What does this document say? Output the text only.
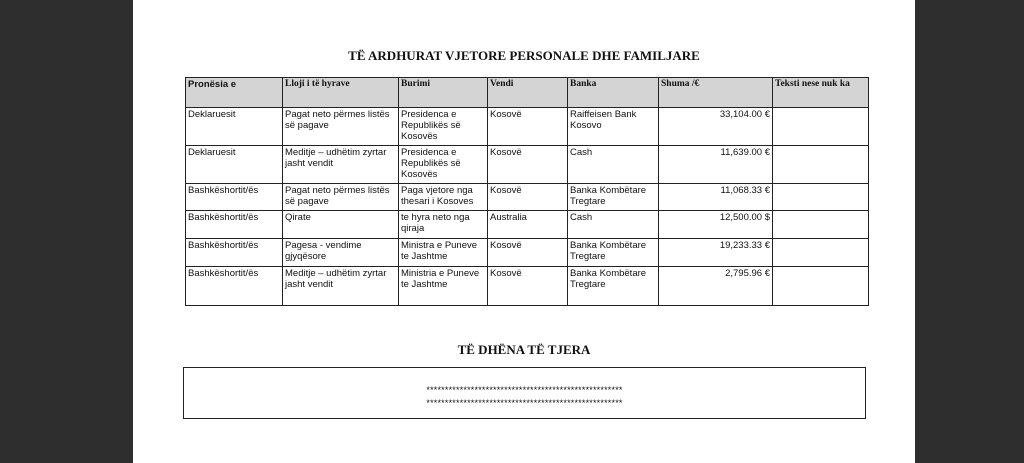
TË ARDHURAT VJETORE PERSONALE DHE FAMILJARE
Pronësia e	Lloji i të hyrave	Burimi	Vendi	Banka	Shuma /€	Teksti nese nuk ka
Deklaruesit	Pagat neto përmes listës së pagave	Presidenca e Republikës së Kosovës	Kosovë	Raiffeisen Bank Kosovo	33,104.00 €	
Deklaruesit	Meditje – udhëtim zyrtar jasht vendit	Presidenca e Republikës së Kosovës	Kosovë	Cash	11,639.00 €	
Bashkëshortit/ës	Pagat neto përmes listës së pagave	Paga vjetore nga thesari i Kosoves	Kosovë	Banka Kombëtare Tregtare	11,068.33 €	
Bashkëshortit/ës	Qirate	te hyra neto nga qiraja	Australia	Cash	12,500.00 $	
Bashkëshortit/ës	Pagesa - vendime gjyqësore	Ministra e Puneve te Jashtme	Kosovë	Banka Kombëtare Tregtare	19,233.33 €	
Bashkëshortit/ës	Meditje – udhëtim zyrtar jasht vendit	Ministria e Puneve te Jashtme	Kosovë	Banka Kombëtare Tregtare	2,795.96 €	
TË DHËNA TË TJERA
*****************************************************
*****************************************************
